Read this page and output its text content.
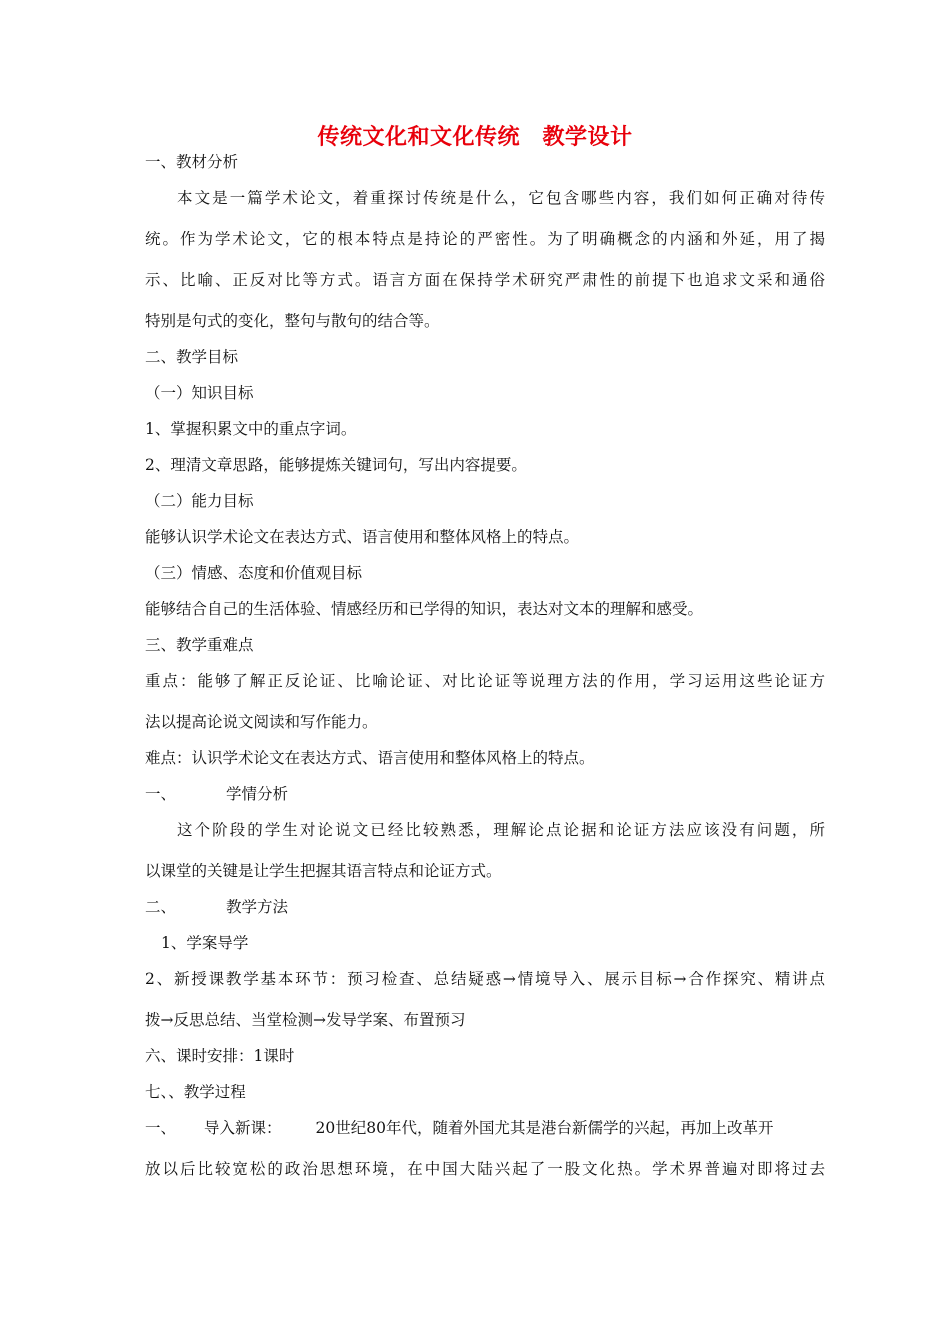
传统文化和文化传统　教学设计
一、教材分析
本文是一篇学术论文，着重探讨传统是什么，它包含哪些内容，我们如何正确对待传
统。作为学术论文，它的根本特点是持论的严密性。为了明确概念的内涵和外延，用了揭
示、比喻、正反对比等方式。语言方面在保持学术研究严肃性的前提下也追求文采和通俗
特别是句式的变化，整句与散句的结合等。
二、教学目标
（一）知识目标
1、掌握积累文中的重点字词。
2、理清文章思路，能够提炼关键词句，写出内容提要。
（二）能力目标
能够认识学术论文在表达方式、语言使用和整体风格上的特点。
（三）情感、态度和价值观目标
能够结合自己的生活体验、情感经历和已学得的知识，表达对文本的理解和感受。
三、教学重难点
重点：能够了解正反论证、比喻论证、对比论证等说理方法的作用，学习运用这些论证方
法以提高论说文阅读和写作能力。
难点：认识学术论文在表达方式、语言使用和整体风格上的特点。
一、	学情分析
这个阶段的学生对论说文已经比较熟悉，理解论点论据和论证方法应该没有问题，所
以课堂的关键是让学生把握其语言特点和论证方式。
二、	教学方法
1、学案导学
2、新授课教学基本环节：预习检查、总结疑惑→情境导入、展示目标→合作探究、精讲点
拨→反思总结、当堂检测→发导学案、布置预习
六、课时安排：1课时
七、、教学过程
一、 导入新课： 20世纪80年代，随着外国尤其是港台新儒学的兴起，再加上改革开
放以后比较宽松的政治思想环境，在中国大陆兴起了一股文化热。学术界普遍对即将过去
